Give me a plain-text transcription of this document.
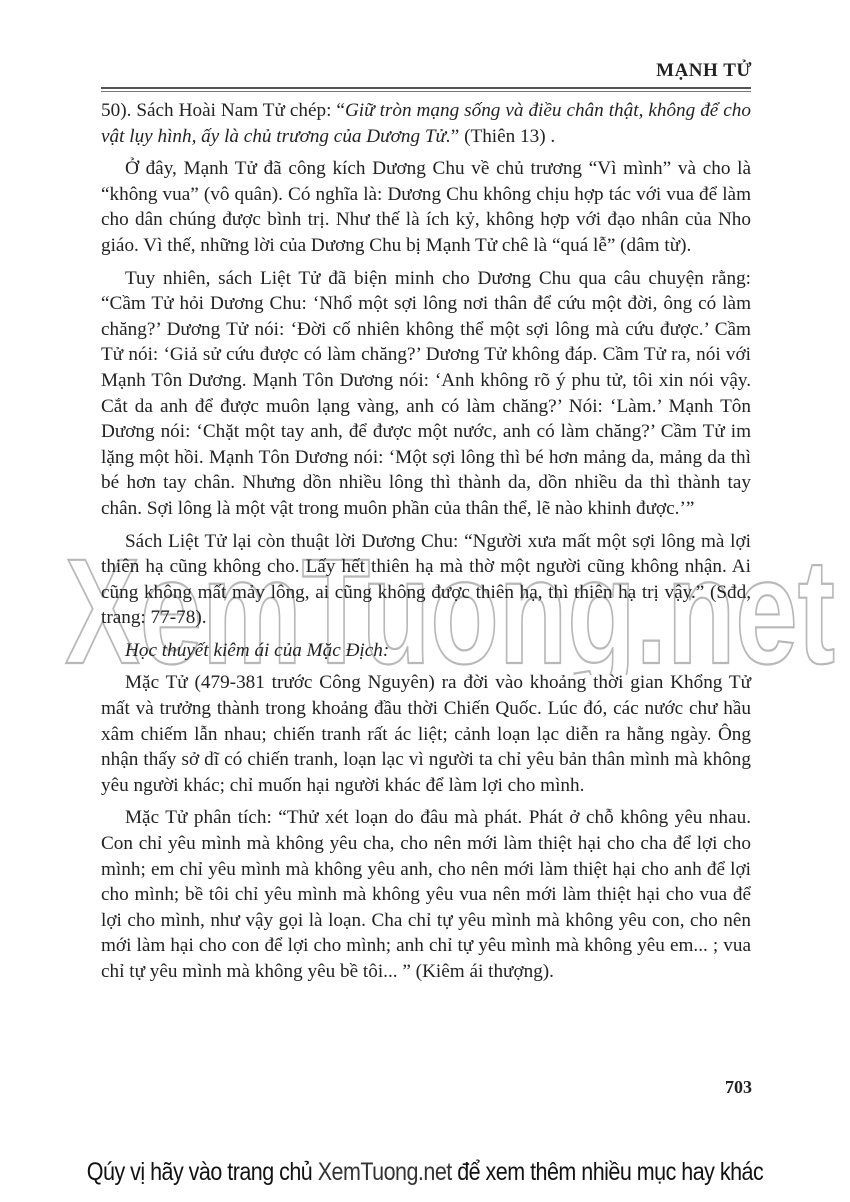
MẠNH TỬ
XemTuong.net

50). Sách Hoài Nam Tử chép: “Giữ tròn mạng sống và điều chân thật, không để cho vật lụy hình, ấy là chủ trương của Dương Tử.” (Thiên 13) .

Ở đây, Mạnh Tử đã công kích Dương Chu về chủ trương “Vì mình” và cho là “không vua” (vô quân). Có nghĩa là: Dương Chu không chịu hợp tác với vua để làm cho dân chúng được bình trị. Như thế là ích kỷ, không hợp với đạo nhân của Nho giáo. Vì thế, những lời của Dương Chu bị Mạnh Tử chê là “quá lễ” (dâm từ).

Tuy nhiên, sách Liệt Tử đã biện minh cho Dương Chu qua câu chuyện rằng: “Cầm Tử hỏi Dương Chu: ‘Nhổ một sợi lông nơi thân để cứu một đời, ông có làm chăng?’ Dương Tử nói: ‘Đời cố nhiên không thể một sợi lông mà cứu được.’ Cầm Tử nói: ‘Giả sử cứu được có làm chăng?’ Dương Tử không đáp. Cầm Tử ra, nói với Mạnh Tôn Dương. Mạnh Tôn Dương nói: ‘Anh không rõ ý phu tử, tôi xin nói vậy. Cắt da anh để được muôn lạng vàng, anh có làm chăng?’ Nói: ‘Làm.’ Mạnh Tôn Dương nói: ‘Chặt một tay anh, để được một nước, anh có làm chăng?’ Cầm Tử im lặng một hồi. Mạnh Tôn Dương nói: ‘Một sợi lông thì bé hơn mảng da, mảng da thì bé hơn tay chân. Nhưng dồn nhiều lông thì thành da, dồn nhiều da thì thành tay chân. Sợi lông là một vật trong muôn phần của thân thể, lẽ nào khinh được.’”

Sách Liệt Tử lại còn thuật lời Dương Chu: “Người xưa mất một sợi lông mà lợi thiên hạ cũng không cho. Lấy hết thiên hạ mà thờ một người cũng không nhận. Ai cũng không mất mảy lông, ai cũng không được thiên hạ, thì thiên hạ trị vậy.” (Sđd, trang: 77-78).

Học thuyết kiêm ái của Mặc Địch:

Mặc Tử (479-381 trước Công Nguyên) ra đời vào khoảng thời gian Khổng Tử mất và trưởng thành trong khoảng đầu thời Chiến Quốc. Lúc đó, các nước chư hầu xâm chiếm lẫn nhau; chiến tranh rất ác liệt; cảnh loạn lạc diễn ra hằng ngày. Ông nhận thấy sở dĩ có chiến tranh, loạn lạc vì người ta chỉ yêu bản thân mình mà không yêu người khác; chỉ muốn hại người khác để làm lợi cho mình.

Mặc Tử phân tích: “Thử xét loạn do đâu mà phát. Phát ở chỗ không yêu nhau. Con chỉ yêu mình mà không yêu cha, cho nên mới làm thiệt hại cho cha để lợi cho mình; em chỉ yêu mình mà không yêu anh, cho nên mới làm thiệt hại cho anh để lợi cho mình; bề tôi chỉ yêu mình mà không yêu vua nên mới làm thiệt hại cho vua để lợi cho mình, như vậy gọi là loạn. Cha chỉ tự yêu mình mà không yêu con, cho nên mới làm hại cho con để lợi cho mình; anh chỉ tự yêu mình mà không yêu em... ; vua chỉ tự yêu mình mà không yêu bề tôi... ” (Kiêm ái thượng).

703
Qúy vị hãy vào trang chủ XemTuong.net để xem thêm nhiều mục hay khác
